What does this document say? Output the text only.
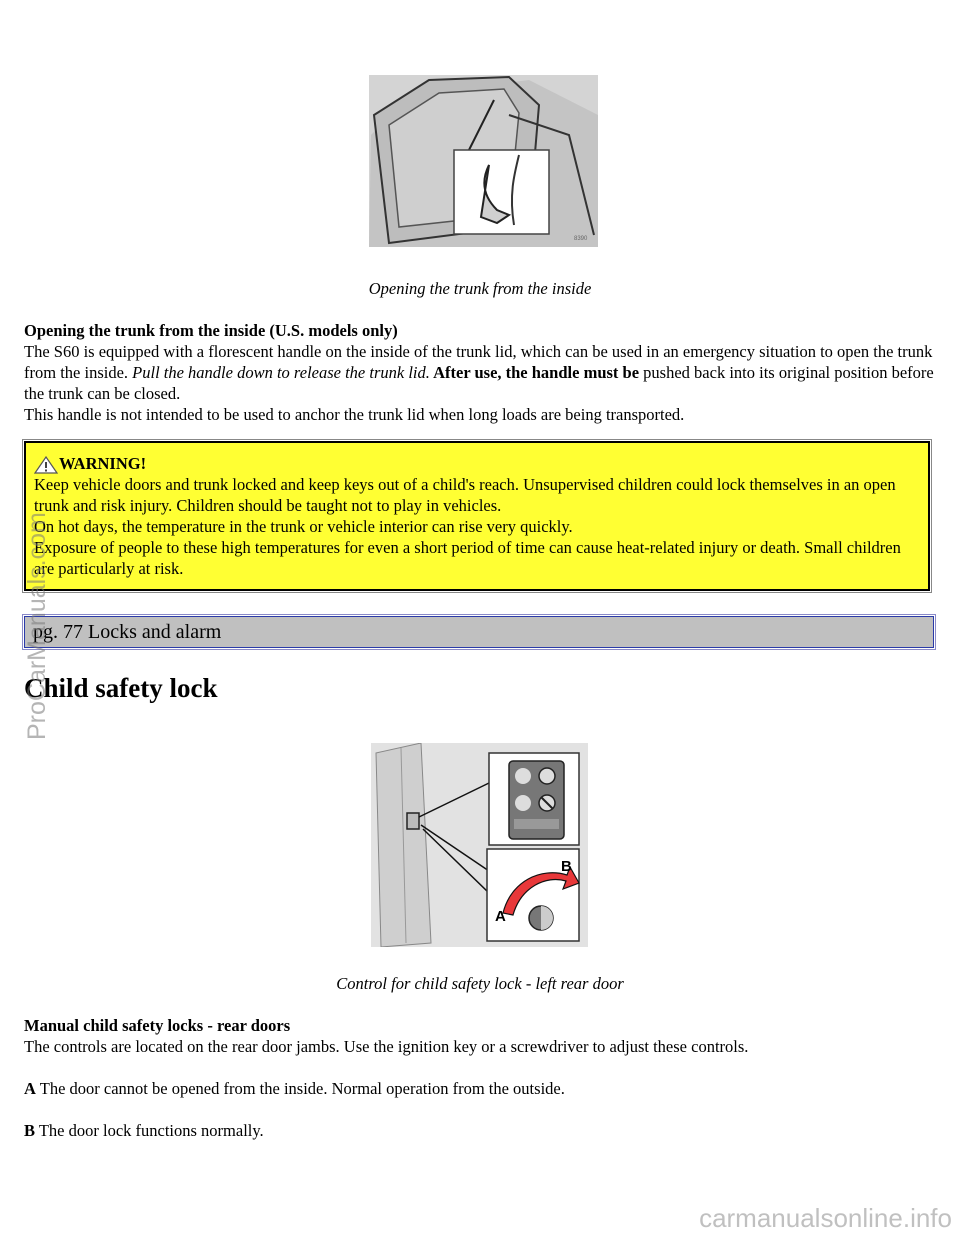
8390
Opening the trunk from the inside

Opening the trunk from the inside (U.S. models only)

The S60 is equipped with a florescent handle on the inside of the trunk lid, which can be used in an emergency situation to open the trunk from the inside. Pull the handle down to release the trunk lid. After use, the handle must be pushed back into its original position before the trunk can be closed.

This handle is not intended to be used to anchor the trunk lid when long loads are being transported.

WARNING!

Keep vehicle doors and trunk locked and keep keys out of a child's reach. Unsupervised children could lock themselves in an open trunk and risk injury. Children should be taught not to play in vehicles.

On hot days, the temperature in the trunk or vehicle interior can rise very quickly.

Exposure of people to these high temperatures for even a short period of time can cause heat-related injury or death. Small children are particularly at risk.

pg. 77 Locks and alarm
Child safety lock
A
B
Control for child safety lock - left rear door

Manual child safety locks - rear doors

The controls are located on the rear door jambs. Use the ignition key or a screwdriver to adjust these controls.

A The door cannot be opened from the inside. Normal operation from the outside.

B The door lock functions normally.

ProCarManuals.com
carmanualsonline.info
